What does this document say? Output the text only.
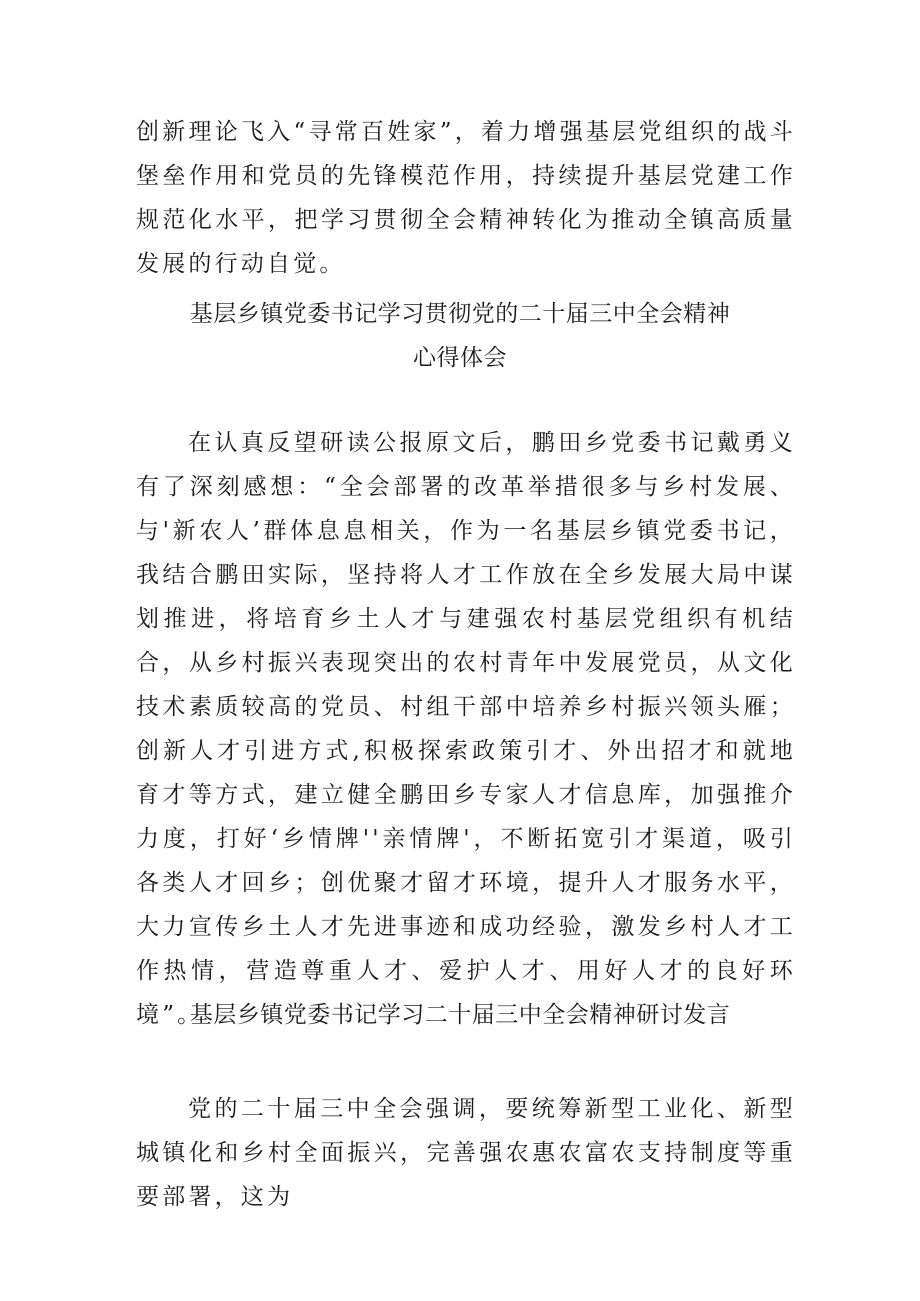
创新理论飞入“寻常百姓家”，着力增强基层党组织的战斗堡垒作用和党员的先锋模范作用，持续提升基层党建工作规范化水平，把学习贯彻全会精神转化为推动全镇高质量发展的行动自觉。

基层乡镇党委书记学习贯彻党的二十届三中全会精神
心得体会

在认真反望研读公报原文后，鹏田乡党委书记戴勇义有了深刻感想：“全会部署的改革举措很多与乡村发展、与'新农人’群体息息相关，作为一名基层乡镇党委书记，我结合鹏田实际，坚持将人才工作放在全乡发展大局中谋划推进，将培育乡土人才与建强农村基层党组织有机结合，从乡村振兴表现突出的农村青年中发展党员，从文化技术素质较高的党员、村组干部中培养乡村振兴领头雁；创新人才引进方式,积极探索政策引才、外出招才和就地育才等方式，建立健全鹏田乡专家人才信息库，加强推介力度，打好‘乡情牌''亲情牌'，不断拓宽引才渠道，吸引各类人才回乡；创优聚才留才环境，提升人才服务水平，大力宣传乡土人才先进事迹和成功经验，激发乡村人才工作热情，营造尊重人才、爱护人才、用好人才的良好环境”。

基层乡镇党委书记学习二十届三中全会精神研讨发言

党的二十届三中全会强调，要统筹新型工业化、新型城镇化和乡村全面振兴，完善强农惠农富农支持制度等重要部署，这为
